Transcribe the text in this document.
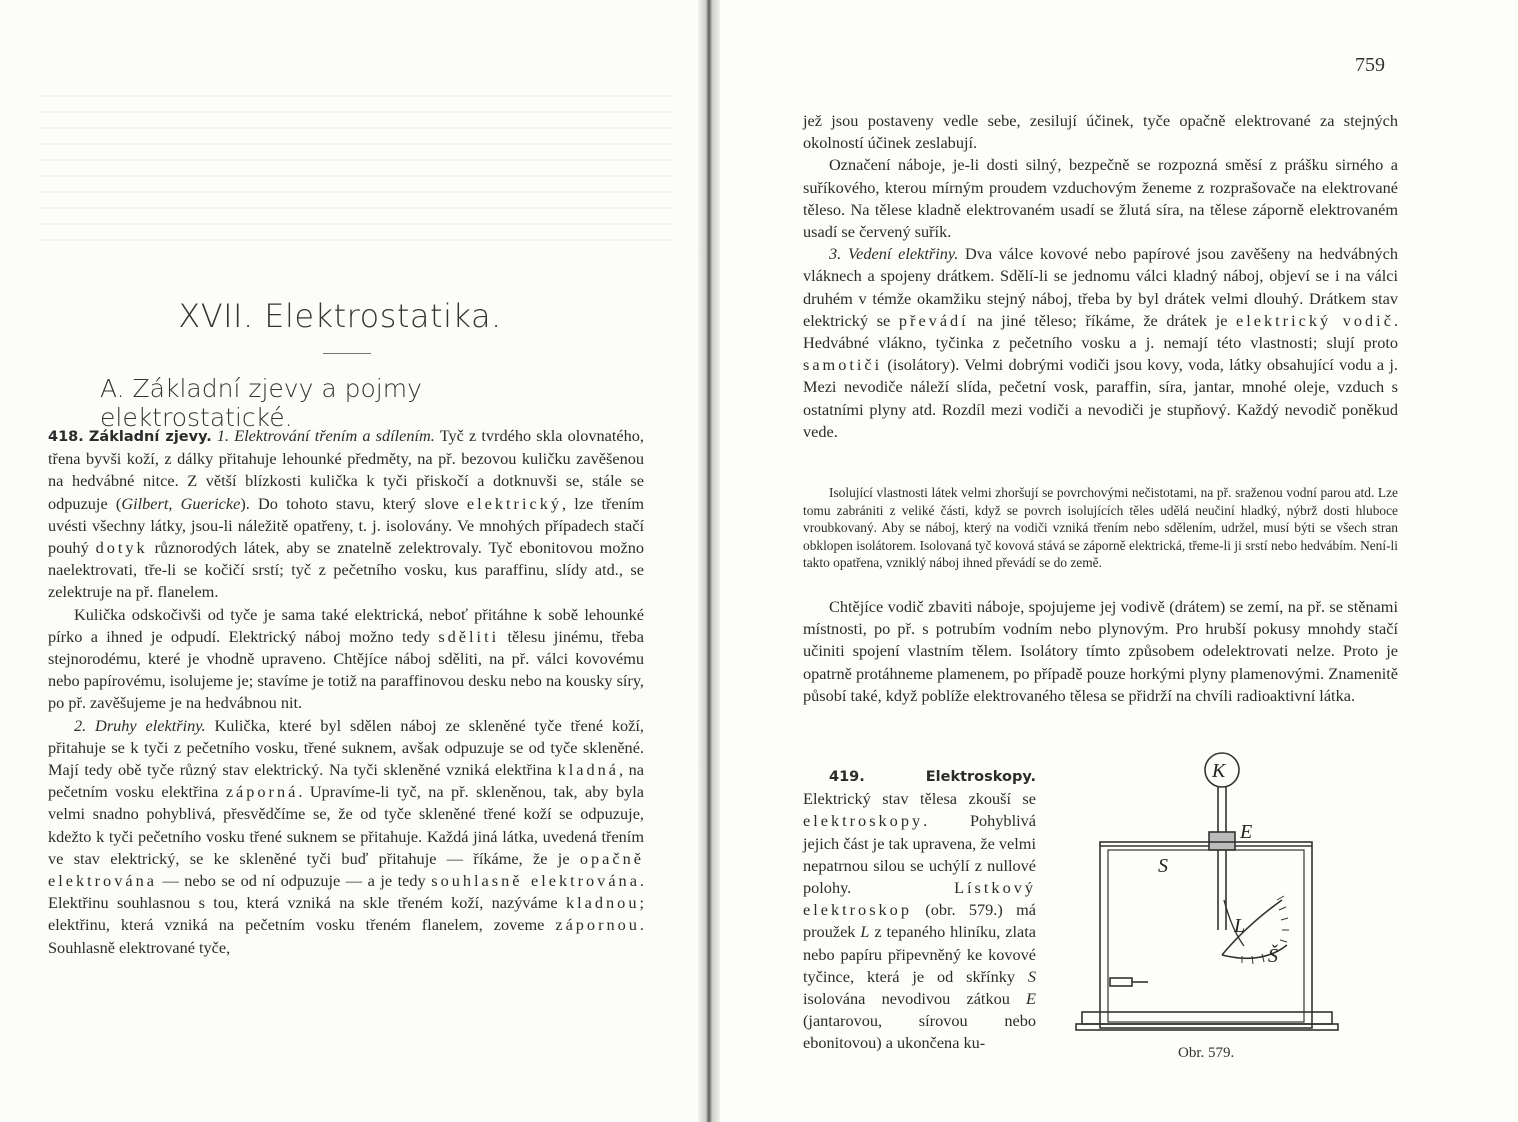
XVII. Elektrostatika.
A. Základní zjevy a pojmy elektrostatické.

418. Základní zjevy. 1. Elektrování třením a sdílením. Tyč z tvrdého skla olovnatého, třena byvši koží, z dálky přitahuje lehounké předměty, na př. bezovou kuličku zavěšenou na hedvábné nitce. Z větší blízkosti kulička k tyči přiskočí a dotknuvši se, stále se odpuzuje (Gilbert, Guericke). Do tohoto stavu, který slove elektrický, lze třením uvésti všechny látky, jsou-li náležitě opatřeny, t. j. isolovány. Ve mnohých případech stačí pouhý dotyk různorodých látek, aby se znatelně zelektrovaly. Tyč ebonitovou možno naelektrovati, tře-li se kočičí srstí; tyč z pečetního vosku, kus paraffinu, slídy atd., se zelektruje na př. flanelem.

Kulička odskočivši od tyče je sama také elektrická, neboť přitáhne k sobě lehounké pírko a ihned je odpudí. Elektrický náboj možno tedy sděliti tělesu jinému, třeba stejnorodému, které je vhodně upraveno. Chtějíce náboj sděliti, na př. válci kovovému nebo papírovému, isolujeme je; stavíme je totiž na paraffinovou desku nebo na kousky síry, po př. zavěšujeme je na hedvábnou nit.

2. Druhy elektřiny. Kulička, které byl sdělen náboj ze skleněné tyče třené koží, přitahuje se k tyči z pečetního vosku, třené suknem, avšak odpuzuje se od tyče skleněné. Mají tedy obě tyče různý stav elektrický. Na tyči skleněné vzniká elektřina kladná, na pečetním vosku elektřina záporná. Upravíme-li tyč, na př. skleněnou, tak, aby byla velmi snadno pohyblivá, přesvědčíme se, že od tyče skleněné třené koží se odpuzuje, kdežto k tyči pečetního vosku třené suknem se přitahuje. Každá jiná látka, uvedená třením ve stav elektrický, se ke skleněné tyči buď přitahuje — říkáme, že je opačně elektrována — nebo se od ní odpuzuje — a je tedy souhlasně elektrována. Elektřinu souhlasnou s tou, která vzniká na skle třeném koží, nazýváme kladnou; elektřinu, která vzniká na pečetním vosku třeném flanelem, zoveme zápornou. Souhlasně elektrované tyče,

759

jež jsou postaveny vedle sebe, zesilují účinek, tyče opačně elektrované za stejných okolností účinek zeslabují.

Označení náboje, je-li dosti silný, bezpečně se rozpozná směsí z prášku sirného a suříkového, kterou mírným proudem vzduchovým ženeme z rozprašovače na elektrované těleso. Na tělese kladně elektrovaném usadí se žlutá síra, na tělese záporně elektrovaném usadí se červený suřík.

3. Vedení elektřiny. Dva válce kovové nebo papírové jsou zavěšeny na hedvábných vláknech a spojeny drátkem. Sdělí-li se jednomu válci kladný náboj, objeví se i na válci druhém v témže okamžiku stejný náboj, třeba by byl drátek velmi dlouhý. Drátkem stav elektrický se převádí na jiné těleso; říkáme, že drátek je elektrický vodič. Hedvábné vlákno, tyčinka z pečetního vosku a j. nemají této vlastnosti; slují proto samotiči (isolátory). Velmi dobrými vodiči jsou kovy, voda, látky obsahující vodu a j. Mezi nevodiče náleží slída, pečetní vosk, paraffin, síra, jantar, mnohé oleje, vzduch s ostatními plyny atd. Rozdíl mezi vodiči a nevodiči je stupňový. Každý nevodič poněkud vede.

Isolující vlastnosti látek velmi zhoršují se povrchovými nečistotami, na př. sraženou vodní parou atd. Lze tomu zabrániti z veliké části, když se povrch isolujících těles udělá neučiní hladký, nýbrž dosti hluboce vroubkovaný. Aby se náboj, který na vodiči vzniká třením nebo sdělením, udržel, musí býti se všech stran obklopen isolátorem. Isolovaná tyč kovová stává se záporně elektrická, třeme-li ji srstí nebo hedvábím. Není-li takto opatřena, vzniklý náboj ihned převádí se do země.

Chtějíce vodič zbaviti náboje, spojujeme jej vodivě (drátem) se zemí, na př. se stěnami místnosti, po př. s potrubím vodním nebo plynovým. Pro hrubší pokusy mnohdy stačí učiniti spojení vlastním tělem. Isolátory tímto způsobem odelektrovati nelze. Proto je opatrně protáhneme plamenem, po případě pouze horkými plyny plamenovými. Znamenitě působí také, když poblíže elektrovaného tělesa se přidrží na chvíli radioaktivní látka.

419.	Elektroskopy. Elektrický stav tělesa zkouší se elektroskopy. Pohyblivá jejich část je tak upravena, že velmi nepatrnou silou se uchýlí z nullové polohy. Lístkový elektroskop (obr. 579.) má proužek L z tepaného hliníku, zlata nebo papíru připevněný ke kovové tyčince, která je od skřínky S isolována nevodivou zátkou E (jantarovou, sírovou nebo ebonitovou) a ukončena ku-

K
E
S
L
Š

Obr. 579.
